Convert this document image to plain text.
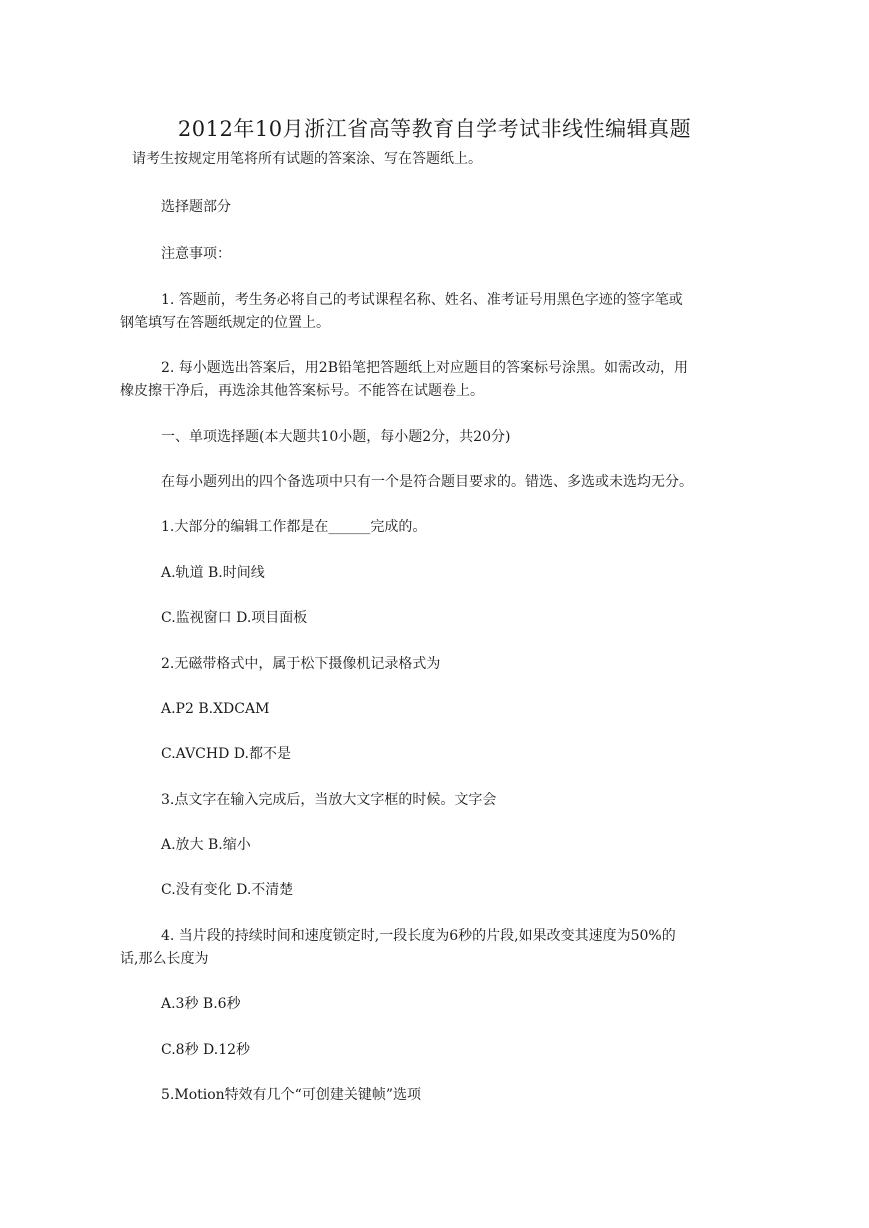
2012年10月浙江省高等教育自学考试非线性编辑真题
请考生按规定用笔将所有试题的答案涂、写在答题纸上。
选择题部分
注意事项：
1. 答题前，考生务必将自己的考试课程名称、姓名、准考证号用黑色字迹的签字笔或
钢笔填写在答题纸规定的位置上。
2. 每小题选出答案后，用2B铅笔把答题纸上对应题目的答案标号涂黑。如需改动，用
橡皮擦干净后，再选涂其他答案标号。不能答在试题卷上。
一、单项选择题(本大题共10小题，每小题2分，共20分)
在每小题列出的四个备选项中只有一个是符合题目要求的。错选、多选或未选均无分。
1.大部分的编辑工作都是在______完成的。
A.轨道 B.时间线
C.监视窗口 D.项目面板
2.无磁带格式中，属于松下摄像机记录格式为
A.P2 B.XDCAM
C.AVCHD D.都不是
3.点文字在输入完成后，当放大文字框的时候。文字会
A.放大 B.缩小
C.没有变化 D.不清楚
4. 当片段的持续时间和速度锁定时,一段长度为6秒的片段,如果改变其速度为50%的
话,那么长度为
A.3秒 B.6秒
C.8秒 D.12秒
5.Motion特效有几个“可创建关键帧”选项
